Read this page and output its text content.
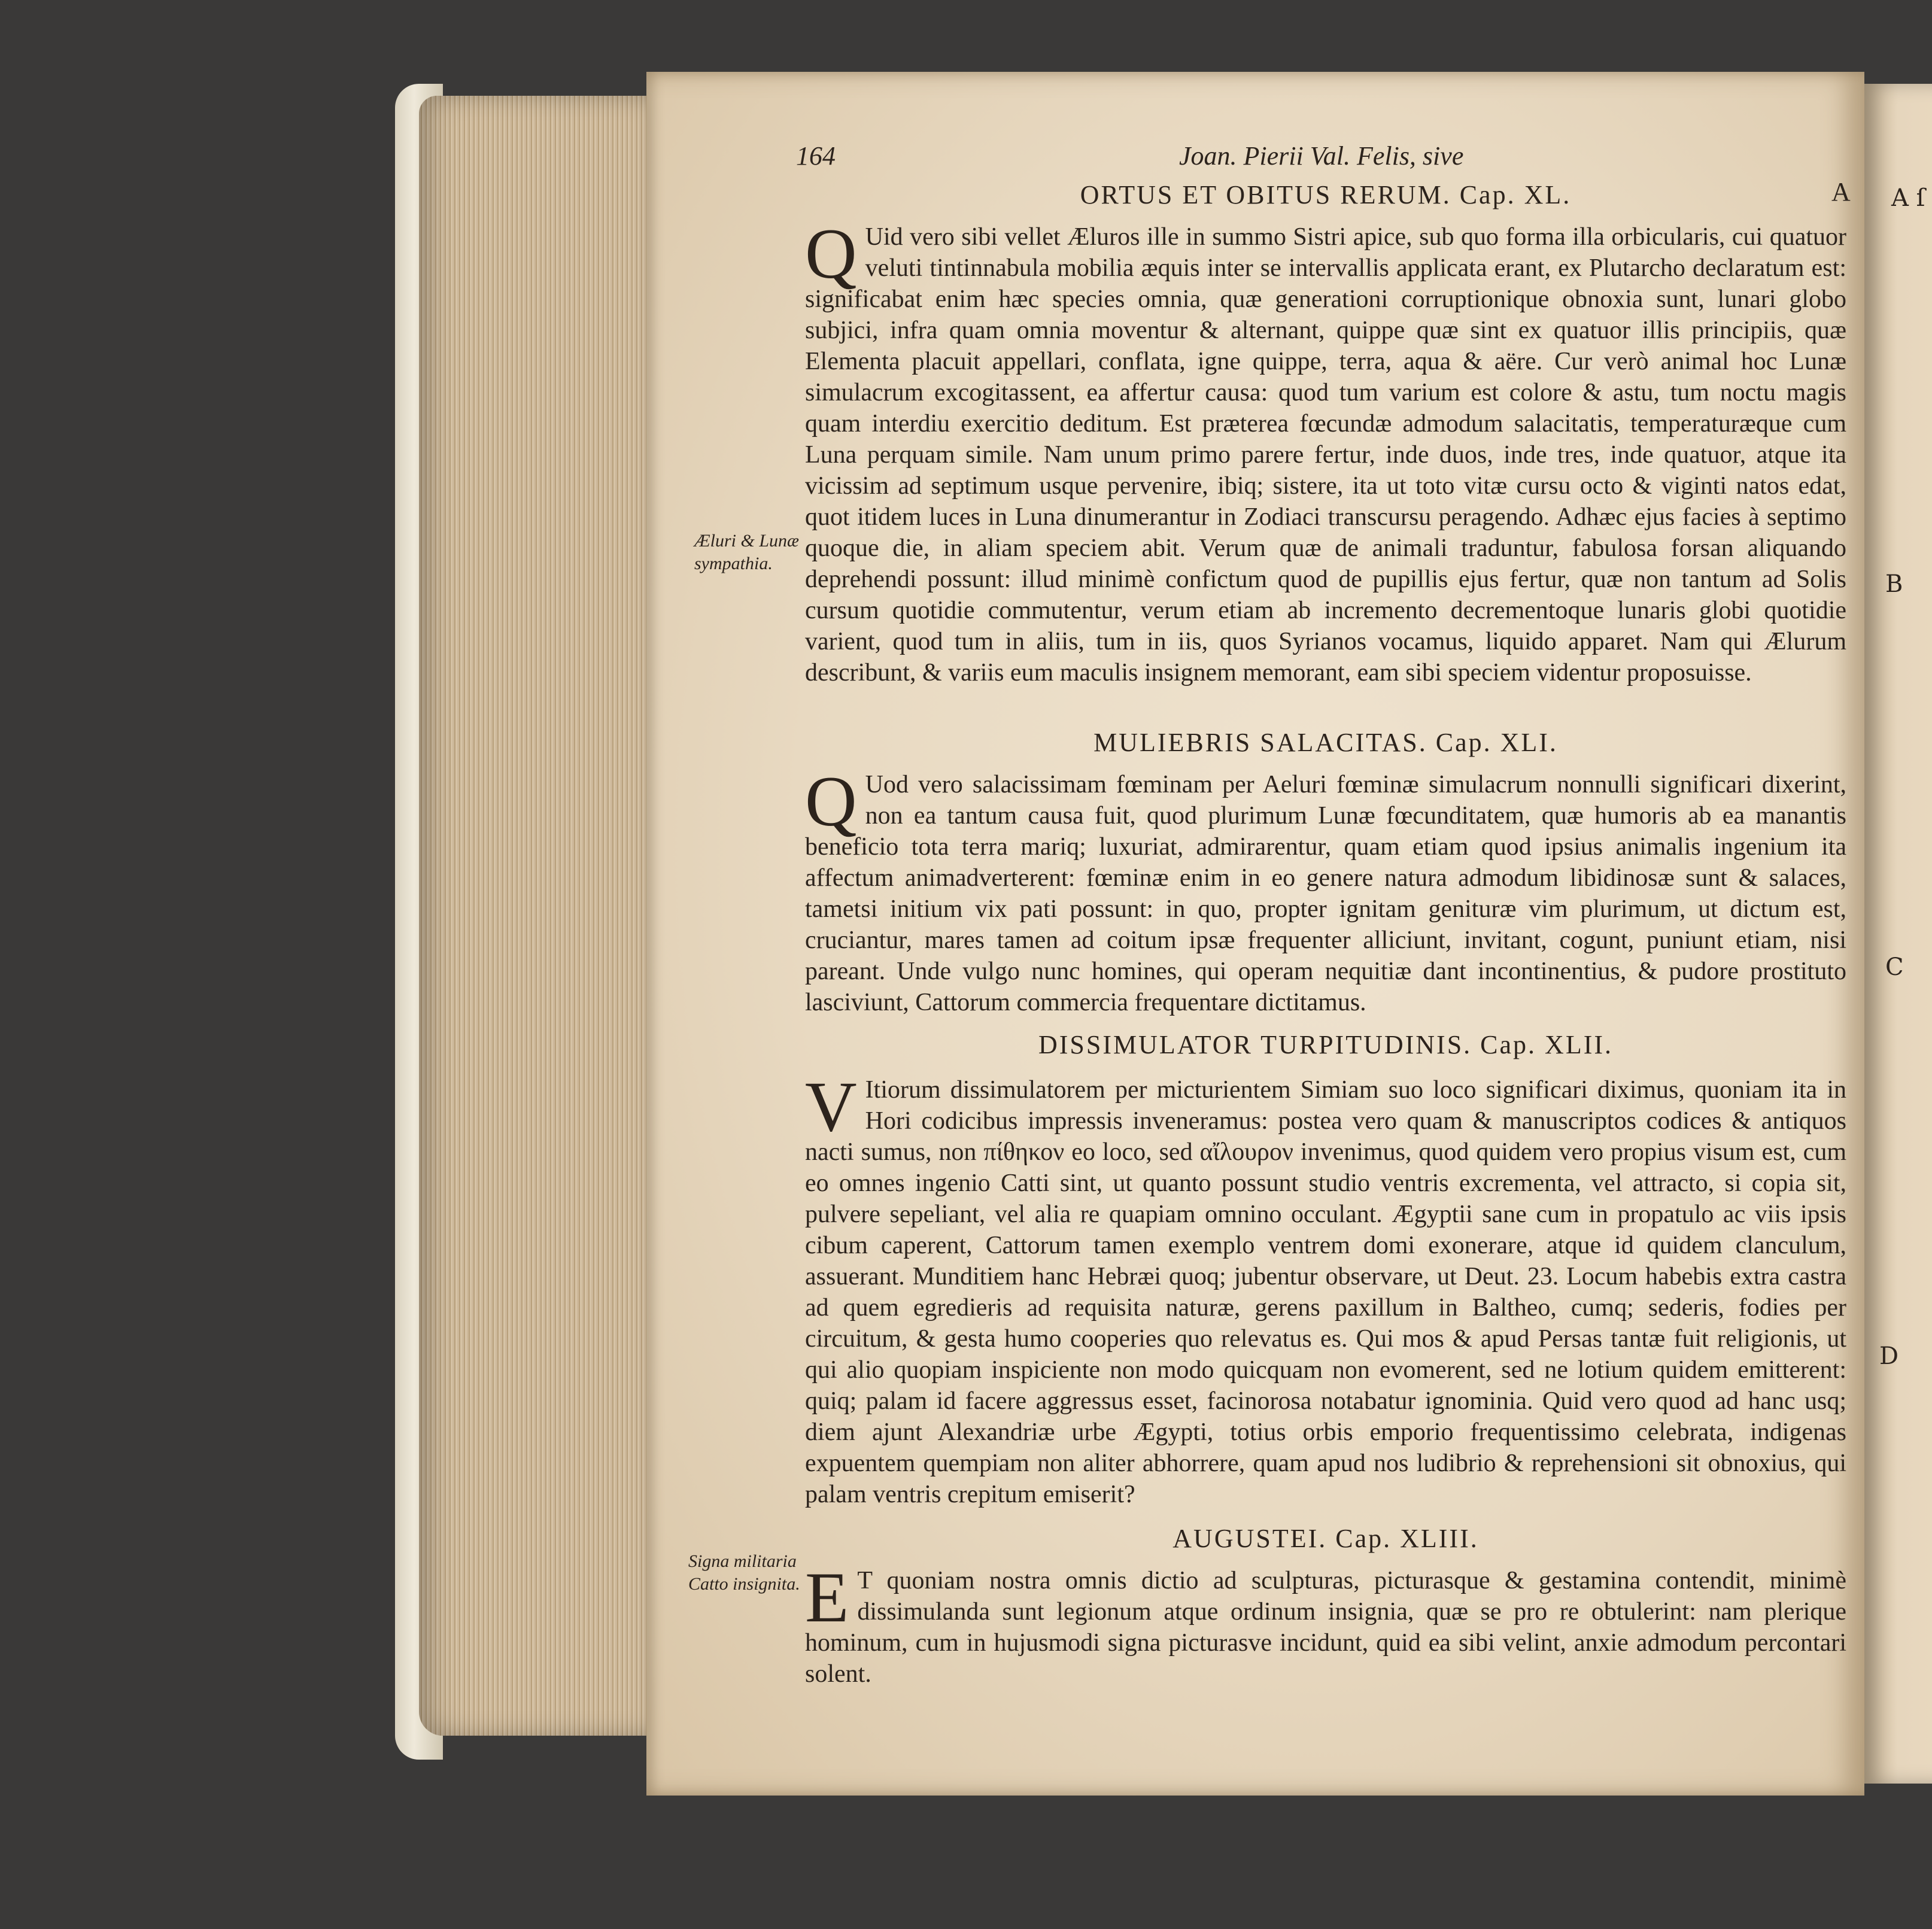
164	Joan. Pierii Val. Felis, sive
A
ORTUS ET OBITUS RERUM. Cap. XL.

Q Uid vero sibi vellet Æluros ille in summo Sistri apice, sub quo forma illa orbicularis, cui quatuor veluti tintinnabula mobilia æquis inter se intervallis applicata erant, ex Plutarcho declaratum est: significabat enim hæc species omnia, quæ generationi corruptionique obnoxia sunt, lunari globo subjici, infra quam omnia moventur & alternant, quippe quæ sint ex quatuor illis principiis, quæ Elementa placuit appellari, conflata, igne quippe, terra, aqua & aëre. Cur verò animal hoc Lunæ simulacrum excogitassent, ea affertur causa: quod tum varium est colore & astu, tum noctu magis quam interdiu exercitio deditum. Est præterea fœcundæ admodum salacitatis, temperaturæque cum Luna perquam simile. Nam unum primo parere fertur, inde duos, inde tres, inde quatuor, atque ita vicissim ad septimum usque pervenire, ibiq; sistere, ita ut toto vitæ cursu octo & viginti natos edat, quot itidem luces in Luna dinumerantur in Zodiaci transcursu peragendo. Adhæc ejus facies à septimo quoque die, in aliam speciem abit. Verum quæ de animali traduntur, fabulosa forsan aliquando deprehendi possunt: illud minimè confictum quod de pupillis ejus fertur, quæ non tantum ad Solis cursum quotidie commutentur, verum etiam ab incremento decrementoque lunaris globi quotidie varient, quod tum in aliis, tum in iis, quos Syrianos vocamus, liquido apparet. Nam qui Ælurum describunt, & variis eum maculis insignem memorant, eam sibi speciem videntur proposuisse.

MULIEBRIS SALACITAS. Cap. XLI.

Q Uod vero salacissimam fœminam per Aeluri fœminæ simulacrum nonnulli significari dixerint, non ea tantum causa fuit, quod plurimum Lunæ fœcunditatem, quæ humoris ab ea manantis beneficio tota terra mariq; luxuriat, admirarentur, quam etiam quod ipsius animalis ingenium ita affectum animadverterent: fœminæ enim in eo genere natura admodum libidinosæ sunt & salaces, tametsi initium vix pati possunt: in quo, propter ignitam genituræ vim plurimum, ut dictum est, cruciantur, mares tamen ad coitum ipsæ frequenter alliciunt, invitant, cogunt, puniunt etiam, nisi pareant. Unde vulgo nunc homines, qui operam nequitiæ dant incontinentius, & pudore prostituto lasciviunt, Cattorum commercia frequentare dictitamus.

DISSIMULATOR TURPITUDINIS. Cap. XLII.

V Itiorum dissimulatorem per micturientem Simiam suo loco significari diximus, quoniam ita in Hori codicibus impressis inveneramus: postea vero quam & manuscriptos codices & antiquos nacti sumus, non πίθηκον eo loco, sed αἴλουρον invenimus, quod quidem vero propius visum est, cum eo omnes ingenio Catti sint, ut quanto possunt studio ventris excrementa, vel attracto, si copia sit, pulvere sepeliant, vel alia re quapiam omnino occulant. Ægyptii sane cum in propatulo ac viis ipsis cibum caperent, Cattorum tamen exemplo ventrem domi exonerare, atque id quidem clanculum, assuerant. Munditiem hanc Hebræi quoq; jubentur observare, ut Deut. 23. Locum habebis extra castra ad quem egredieris ad requisita naturæ, gerens paxillum in Baltheo, cumq; sederis, fodies per circuitum, & gesta humo cooperies quo relevatus es. Qui mos & apud Persas tantæ fuit religionis, ut qui alio quopiam inspiciente non modo quicquam non evomerent, sed ne lotium quidem emitterent: quiq; palam id facere aggressus esset, facinorosa notabatur ignominia. Quid vero quod ad hanc usq; diem ajunt Alexandriæ urbe Ægypti, totius orbis emporio frequentissimo celebrata, indigenas expuentem quempiam non aliter abhorrere, quam apud nos ludibrio & reprehensioni sit obnoxius, qui palam ventris crepitum emiserit?

AUGUSTEI. Cap. XLIII.

E T quoniam nostra omnis dictio ad sculpturas, picturasque & gestamina contendit, minimè dissimulanda sunt legionum atque ordinum insignia, quæ se pro re obtulerint: nam plerique hominum, cum in hujusmodi signa picturasve incidunt, quid ea sibi velint, anxie admodum percontari solent.

Æluri & Lunæ sympathia.
Signa militaria Catto insignita.
A ſ
B
C
D
